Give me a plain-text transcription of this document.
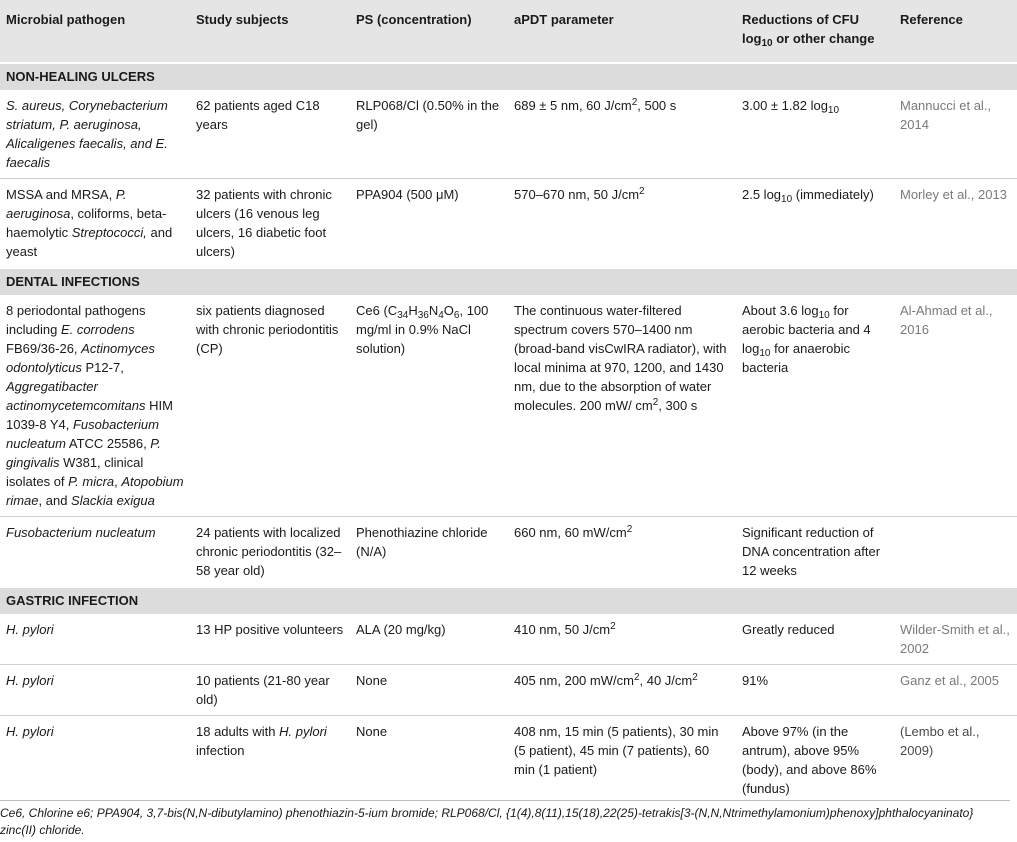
Microbial pathogen	Study subjects	PS (concentration)	aPDT parameter	Reductions of CFU $\log_{10}$ or other change	Reference
NON-HEALING ULCERS					
S. aureus, Corynebacterium striatum, P. aeruginosa, Alicaligenes faecalis, and E. faecalis	62 patients aged C18 years	RLP068/Cl (0.50% in the gel)	689 ± 5 nm, 60 $J/cm^2$, 500 s	3.00 ± 1.82 $\log_{10}$	Mannucci et al., 2014
MSSA and MRSA, P. aeruginosa, coliforms, beta-haemolytic Streptococci, and yeast	32 patients with chronic ulcers (16 venous leg ulcers, 16 diabetic foot ulcers)	PPA904 (500 μM)	570–670 nm, 50 $J/cm^2$	2.5 $\log_{10}$ (immediately)	Morley et al., 2013
DENTAL INFECTIONS					
8 periodontal pathogens including E. corrodens FB69/36-26, Actinomyces odontolyticus P12-7, Aggregatibacter actinomycetemcomitans HIM 1039-8 Y4, Fusobacterium nucleatum ATCC 25586, P. gingivalis W381, clinical isolates of P. micra, Atopobium rimae, and Slackia exigua	six patients diagnosed with chronic periodontitis (CP)	Ce6 ($C_{34}H_{36}N_4O_6$, 100 mg/ml in 0.9% NaCl solution)	The continuous water-filtered spectrum covers 570–1400 nm (broad-band visCwIRA radiator), with local minima at 970, 1200, and 1430 nm, due to the absorption of water molecules. 200 mW/ $cm^2$, 300 s	About 3.6 $\log_{10}$ for aerobic bacteria and 4 $\log_{10}$ for anaerobic bacteria	Al-Ahmad et al., 2016
Fusobacterium nucleatum	24 patients with localized chronic periodontitis (32–58 year old)	Phenothiazine chloride (N/A)	660 nm, 60 $mW/cm^2$	Significant reduction of DNA concentration after 12 weeks	
GASTRIC INFECTION					
H. pylori	13 HP positive volunteers	ALA (20 mg/kg)	410 nm, 50 $J/cm^2$	Greatly reduced	Wilder-Smith et al., 2002
H. pylori	10 patients (21-80 year old)	None	405 nm, 200 $mW/cm^2$, 40 $J/cm^2$	91%	Ganz et al., 2005
H. pylori	18 adults with H. pylori infection	None	408 nm, 15 min (5 patients), 30 min (5 patient), 45 min (7 patients), 60 min (1 patient)	Above 97% (in the antrum), above 95% (body), and above 86% (fundus)	(Lembo et al., 2009)
Ce6, Chlorine e6; PPA904, 3,7-bis(N,N-dibutylamino) phenothiazin-5-ium bromide; RLP068/Cl, {1(4),8(11),15(18),22(25)-tetrakis[3-(N,N,Ntrimethylamonium)phenoxy]phthalocyaninato} zinc(II) chloride.
